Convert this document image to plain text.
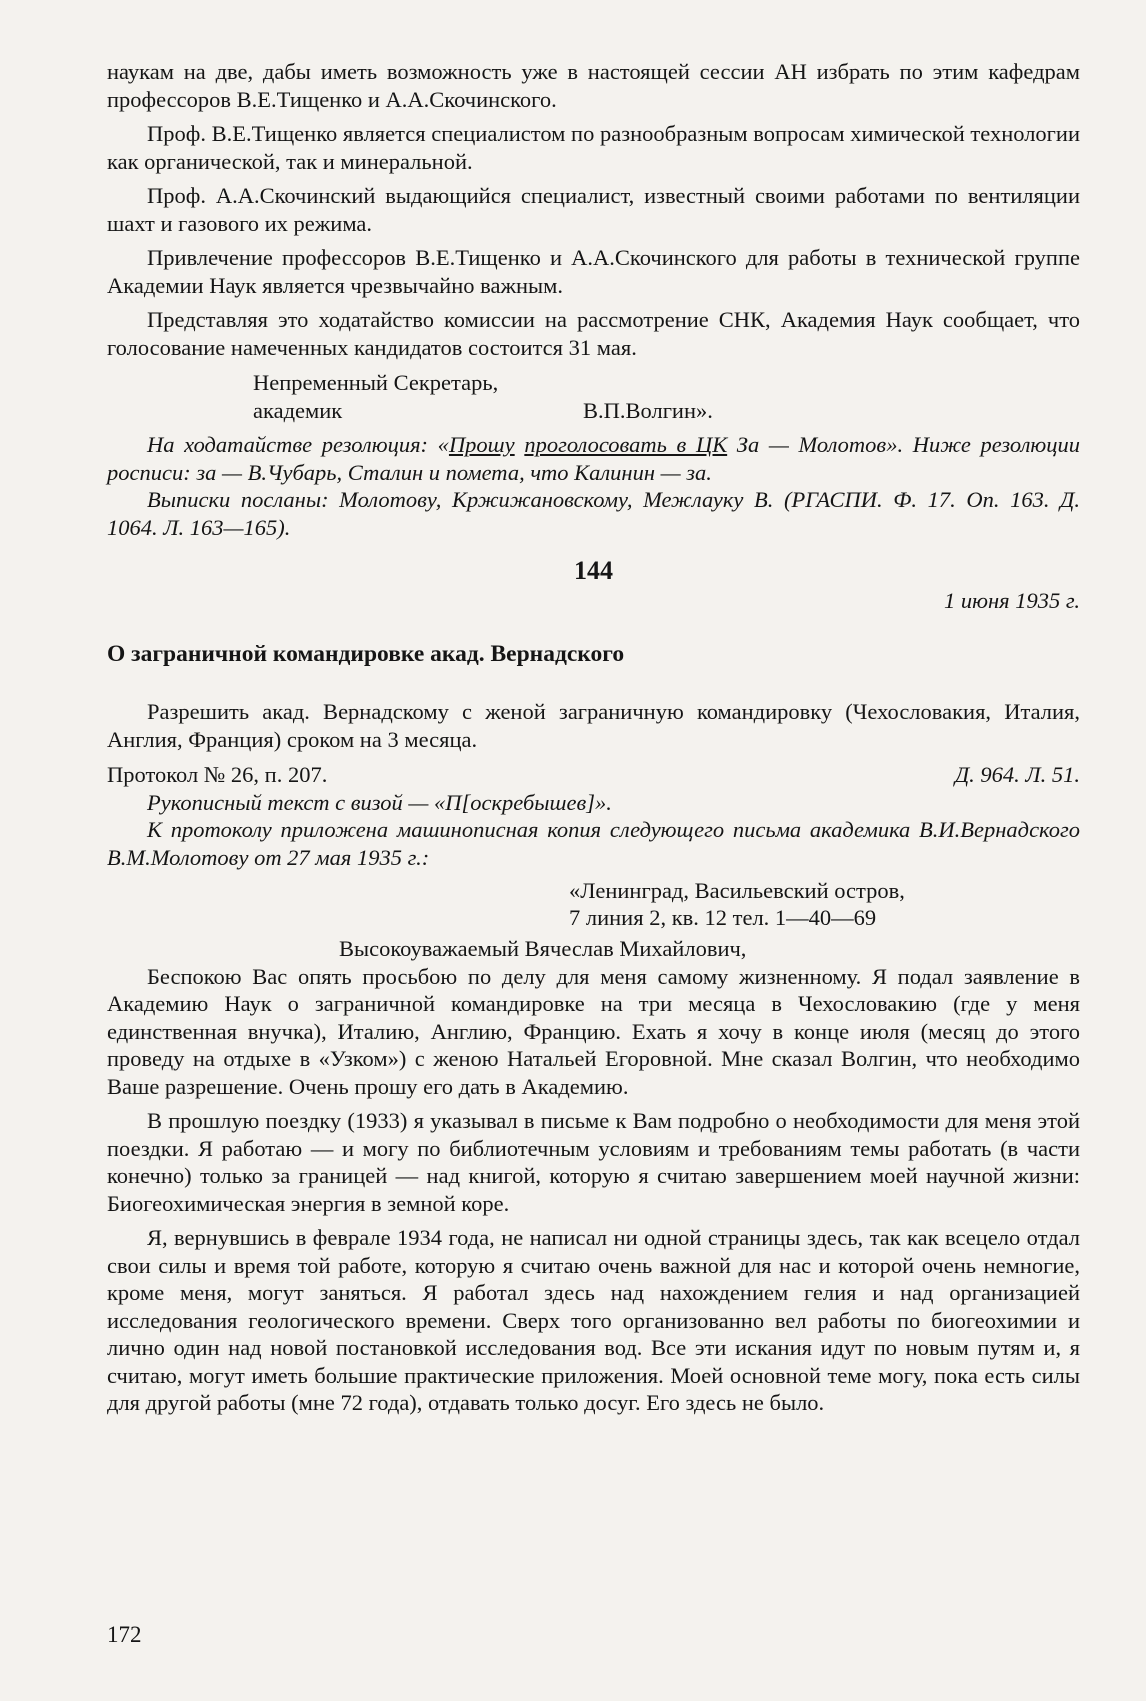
наукам на две, дабы иметь возможность уже в настоящей сессии АН избрать по этим кафедрам профессоров В.Е.Тищенко и А.А.Скочинского.

Проф. В.Е.Тищенко является специалистом по разнообразным вопросам химической технологии как органической, так и минеральной.

Проф. А.А.Скочинский выдающийся специалист, известный своими работами по вентиляции шахт и газового их режима.

Привлечение профессоров В.Е.Тищенко и А.А.Скочинского для работы в технической группе Академии Наук является чрезвычайно важным.

Представляя это ходатайство комиссии на рассмотрение СНК, Академия Наук сообщает, что голосование намеченных кандидатов состоится 31 мая.

Непременный Секретарь,
академик	В.П.Волгин».

На ходатайстве резолюция: «Прошу проголосовать в ЦК За — Молотов». Ниже резолюции росписи: за — В.Чубарь, Сталин и помета, что Калинин — за.

Выписки посланы: Молотову, Кржижановскому, Межлауку В. (РГАСПИ. Ф. 17. Оп. 163. Д. 1064. Л. 163—165).

144
1 июня 1935 г.
О заграничной командировке акад. Вернадского

Разрешить акад. Вернадскому с женой заграничную командировку (Чехословакия, Италия, Англия, Франция) сроком на 3 месяца.

Протокол № 26, п. 207.	Д. 964. Л. 51.

Рукописный текст с визой — «П[оскребышев]».

К протоколу приложена машинописная копия следующего письма академика В.И.Вернадского В.М.Молотову от 27 мая 1935 г.:

«Ленинград, Васильевский остров,
7 линия 2, кв. 12 тел. 1—40—69
Высокоуважаемый Вячеслав Михайлович,

Беспокою Вас опять просьбою по делу для меня самому жизненному. Я подал заявление в Академию Наук о заграничной командировке на три месяца в Чехословакию (где у меня единственная внучка), Италию, Англию, Францию. Ехать я хочу в конце июля (месяц до этого проведу на отдыхе в «Узком») с женою Натальей Егоровной. Мне сказал Волгин, что необходимо Ваше разрешение. Очень прошу его дать в Академию.

В прошлую поездку (1933) я указывал в письме к Вам подробно о необходимости для меня этой поездки. Я работаю — и могу по библиотечным условиям и требованиям темы работать (в части конечно) только за границей — над книгой, которую я считаю завершением моей научной жизни: Биогеохимическая энергия в земной коре.

Я, вернувшись в феврале 1934 года, не написал ни одной страницы здесь, так как всецело отдал свои силы и время той работе, которую я считаю очень важной для нас и которой очень немногие, кроме меня, могут заняться. Я работал здесь над нахождением гелия и над организацией исследования геологического времени. Сверх того организованно вел работы по биогеохимии и лично один над новой постановкой исследования вод. Все эти искания идут по новым путям и, я считаю, могут иметь большие практические приложения. Моей основной теме могу, пока есть силы для другой работы (мне 72 года), отдавать только досуг. Его здесь не было.

172
